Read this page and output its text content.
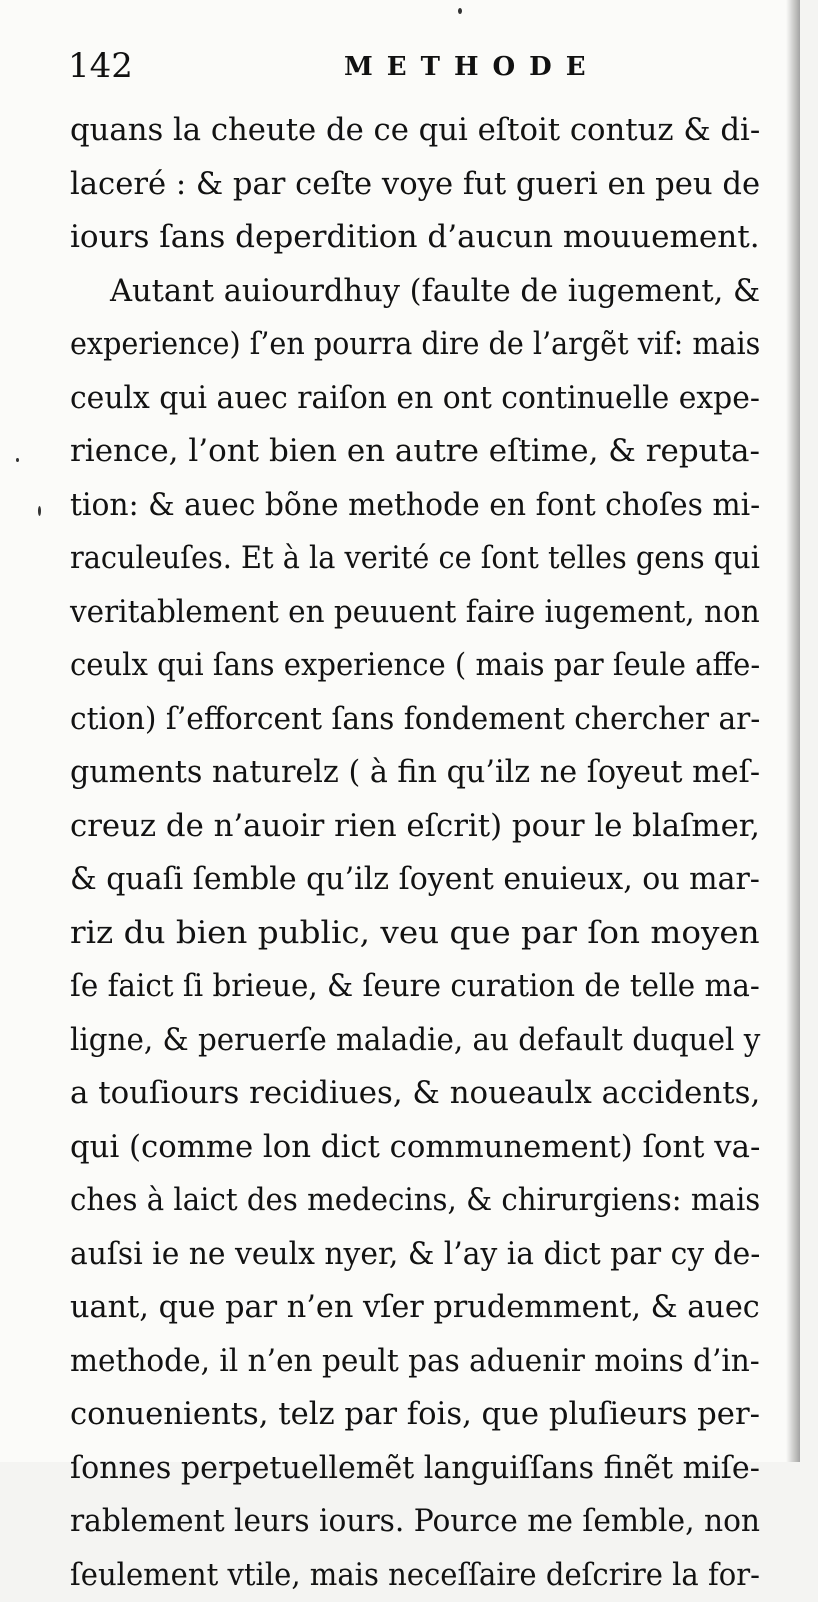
142	METHODE
quans la cheute de ce qui eſtoit contuz & di-
laceré : & par ceſte voye fut gueri en peu de
iours ſans deperdition d’aucun mouuement.
Autant auiourdhuy (faulte de iugement, &
experience) ſ’en pourra dire de l’argẽt vif: mais
ceulx qui auec raiſon en ont continuelle expe-
rience, l’ont bien en autre eſtime, & reputa-
tion: & auec bõne methode en font choſes mi-
raculeuſes. Et à la verité ce ſont telles gens qui
veritablement en peuuent faire iugement, non
ceulx qui ſans experience ( mais par ſeule affe-
ction) ſ’efforcent ſans fondement chercher ar-
guments naturelz ( à fin qu’ilz ne ſoyeut meſ-
creuz de n’auoir rien eſcrit) pour le blaſmer,
& quaſi ſemble qu’ilz ſoyent enuieux, ou mar-
riz du bien public, veu que par ſon moyen
ſe faict ſi brieue, & ſeure curation de telle ma-
ligne, & peruerſe maladie, au default duquel y
a touſiours recidiues, & noueaulx accidents,
qui (comme lon dict communement) ſont va-
ches à laict des medecins, & chirurgiens: mais
auſsi ie ne veulx nyer, & l’ay ia dict par cy de-
uant, que par n’en vſer prudemment, & auec
methode, il n’en peult pas aduenir moins d’in-
conuenients, telz par fois, que pluſieurs per-
ſonnes perpetuellemẽt languiſſans finẽt miſe-
rablement leurs iours. Pource me ſemble, non
ſeulement vtile, mais neceſſaire deſcrire la for-
